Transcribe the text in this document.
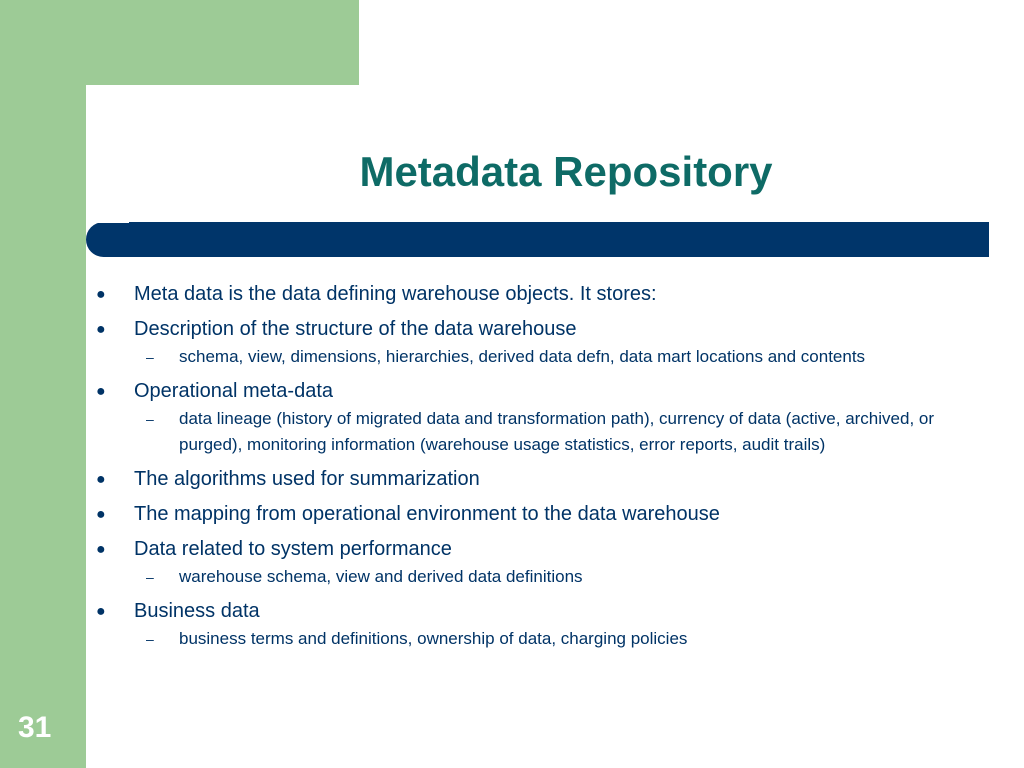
Metadata Repository
● Meta data is the data defining warehouse objects. It stores:
● Description of the structure of the data warehouse
– schema, view, dimensions, hierarchies, derived data defn, data mart locations and contents
● Operational meta-data
– data lineage (history of migrated data and transformation path), currency of data (active, archived, or purged), monitoring information (warehouse usage statistics, error reports, audit trails)
● The algorithms used for summarization
● The mapping from operational environment to the data warehouse
● Data related to system performance
– warehouse schema, view and derived data definitions
● Business data
– business terms and definitions, ownership of data, charging policies
31
